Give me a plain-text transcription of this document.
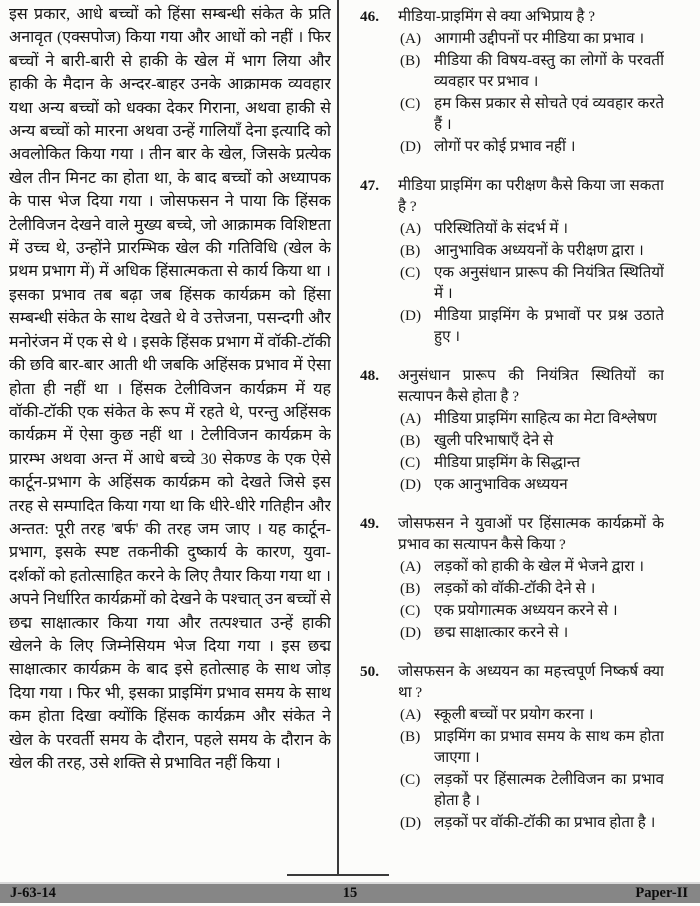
इस प्रकार, आधे बच्चों को हिंसा सम्बन्धी संकेत के प्रति अनावृत (एक्सपोज) किया गया और आधों को नहीं । फिर बच्चों ने बारी-बारी से हाकी के खेल में भाग लिया और हाकी के मैदान के अन्दर-बाहर उनके आक्रामक व्यवहार यथा अन्य बच्चों को धक्का देकर गिराना, अथवा हाकी से अन्य बच्चों को मारना अथवा उन्हें गालियाँ देना इत्यादि को अवलोकित किया गया । तीन बार के खेल, जिसके प्रत्येक खेल तीन मिनट का होता था, के बाद बच्चों को अध्यापक के पास भेज दिया गया । जोसफसन ने पाया कि हिंसक टेलीविजन देखने वाले मुख्य बच्चे, जो आक्रामक विशिष्टता में उच्च थे, उन्होंने प्रारम्भिक खेल की गतिविधि (खेल के प्रथम प्रभाग में) में अधिक हिंसात्मकता से कार्य किया था । इसका प्रभाव तब बढ़ा जब हिंसक कार्यक्रम को हिंसा सम्बन्धी संकेत के साथ देखते थे वे उत्तेजना, पसन्दगी और मनोरंजन में एक से थे । इसके हिंसक प्रभाग में वॉकी-टॉकी की छवि बार-बार आती थी जबकि अहिंसक प्रभाव में ऐसा होता ही नहीं था । हिंसक टेलीविजन कार्यक्रम में यह वॉकी-टॉकी एक संकेत के रूप में रहते थे, परन्तु अहिंसक कार्यक्रम में ऐसा कुछ नहीं था । टेलीविजन कार्यक्रम के प्रारम्भ अथवा अन्त में आधे बच्चे 30 सेकण्ड के एक ऐसे कार्टून-प्रभाग के अहिंसक कार्यक्रम को देखते जिसे इस तरह से सम्पादित किया गया था कि धीरे-धीरे गतिहीन और अन्तत: पूरी तरह 'बर्फ' की तरह जम जाए । यह कार्टून-प्रभाग, इसके स्पष्ट तकनीकी दुष्कार्य के कारण, युवा-दर्शकों को हतोत्साहित करने के लिए तैयार किया गया था । अपने निर्धारित कार्यक्रमों को देखने के पश्चात् उन बच्चों से छद्म साक्षात्कार किया गया और तत्पश्चात उन्हें हाकी खेलने के लिए जिम्नेसियम भेज दिया गया । इस छद्म साक्षात्कार कार्यक्रम के बाद इसे हतोत्साह के साथ जोड़ दिया गया । फिर भी, इसका प्राइमिंग प्रभाव समय के साथ कम होता दिखा क्योंकि हिंसक कार्यक्रम और संकेत ने खेल के परवर्ती समय के दौरान, पहले समय के दौरान के खेल की तरह, उसे शक्ति से प्रभावित नहीं किया ।
46.	मीडिया-प्राइमिंग से क्या अभिप्राय है ?
(A) आगामी उद्दीपनों पर मीडिया का प्रभाव ।
(B) मीडिया की विषय-वस्तु का लोगों के परवर्ती व्यवहार पर प्रभाव ।
(C) हम किस प्रकार से सोचते एवं व्यवहार करते हैं ।
(D) लोगों पर कोई प्रभाव नहीं ।
47.	मीडिया प्राइमिंग का परीक्षण कैसे किया जा सकता है ?
(A) परिस्थितियों के संदर्भ में ।
(B) आनुभाविक अध्ययनों के परीक्षण द्वारा ।
(C) एक अनुसंधान प्रारूप की नियंत्रित स्थितियों में ।
(D) मीडिया प्राइमिंग के प्रभावों पर प्रश्न उठाते हुए ।
48.	अनुसंधान प्रारूप की नियंत्रित स्थितियों का सत्यापन कैसे होता है ?
(A) मीडिया प्राइमिंग साहित्य का मेटा विश्लेषण
(B) खुली परिभाषाएँ देने से
(C) मीडिया प्राइमिंग के सिद्धान्त
(D) एक आनुभाविक अध्ययन
49.	जोसफसन ने युवाओं पर हिंसात्मक कार्यक्रमों के प्रभाव का सत्यापन कैसे किया ?
(A) लड़कों को हाकी के खेल में भेजने द्वारा ।
(B) लड़कों को वॉकी-टॉकी देने से ।
(C) एक प्रयोगात्मक अध्ययन करने से ।
(D) छद्म साक्षात्कार करने से ।
50.	जोसफसन के अध्ययन का महत्त्वपूर्ण निष्कर्ष क्या था ?
(A) स्कूली बच्चों पर प्रयोग करना ।
(B) प्राइमिंग का प्रभाव समय के साथ कम होता जाएगा ।
(C) लड़कों पर हिंसात्मक टेलीविजन का प्रभाव होता है ।
(D) लड़कों पर वॉकी-टॉकी का प्रभाव होता है ।
J-63-14	15	Paper-II
